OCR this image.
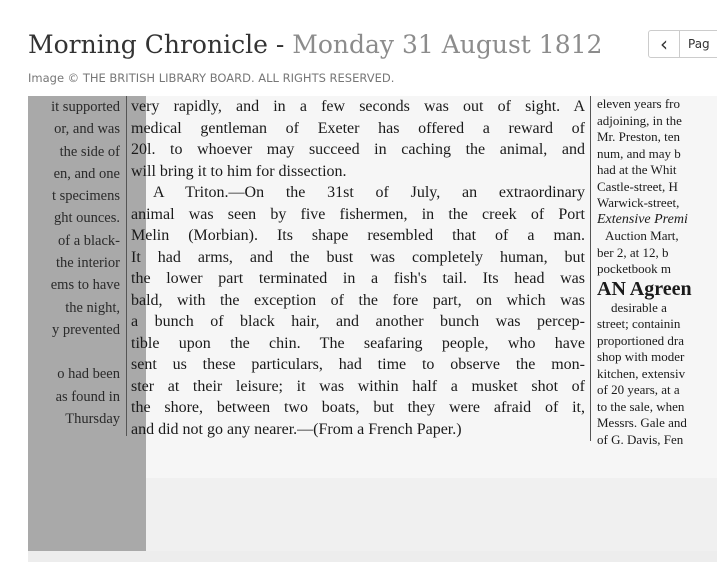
Morning Chronicle - Monday 31 August 1812
Image © THE BRITISH LIBRARY BOARD. ALL RIGHTS RESERVED.
‹ Pag
it supported
or, and was
the side of
en, and one
t specimens
ght ounces.
of a black-
the interior
ems to have
the night,
y prevented
o had been
as found in
Thursday
very rapidly, and in a few seconds was out of sight. A
medical gentleman of Exeter has offered a reward of
20l. to whoever may succeed in caching the animal, and
will bring it to him for dissection.
A Triton.—On the 31st of July, an extraordinary
animal was seen by five fishermen, in the creek of Port
Melin (Morbian). Its shape resembled that of a man.
It had arms, and the bust was completely human, but
the lower part terminated in a fish's tail. Its head was
bald, with the exception of the fore part, on which was
a bunch of black hair, and another bunch was percep-
tible upon the chin. The seafaring people, who have
sent us these particulars, had time to observe the mon-
ster at their leisure; it was within half a musket shot of
the shore, between two boats, but they were afraid of it,
and did not go any nearer.—(From a French Paper.)
eleven years fro
adjoining, in the
Mr. Preston, ten
num, and may b
had at the Whit
Castle-street, H
Warwick-street,
Extensive Premi
Auction Mart,
ber 2, at 12, b
pocketbook m
AN Agreen
desirable a
street; containin
proportioned dra
shop with moder
kitchen, extensiv
of 20 years, at a
to the sale, when
Messrs. Gale and
of G. Davis, Fen
